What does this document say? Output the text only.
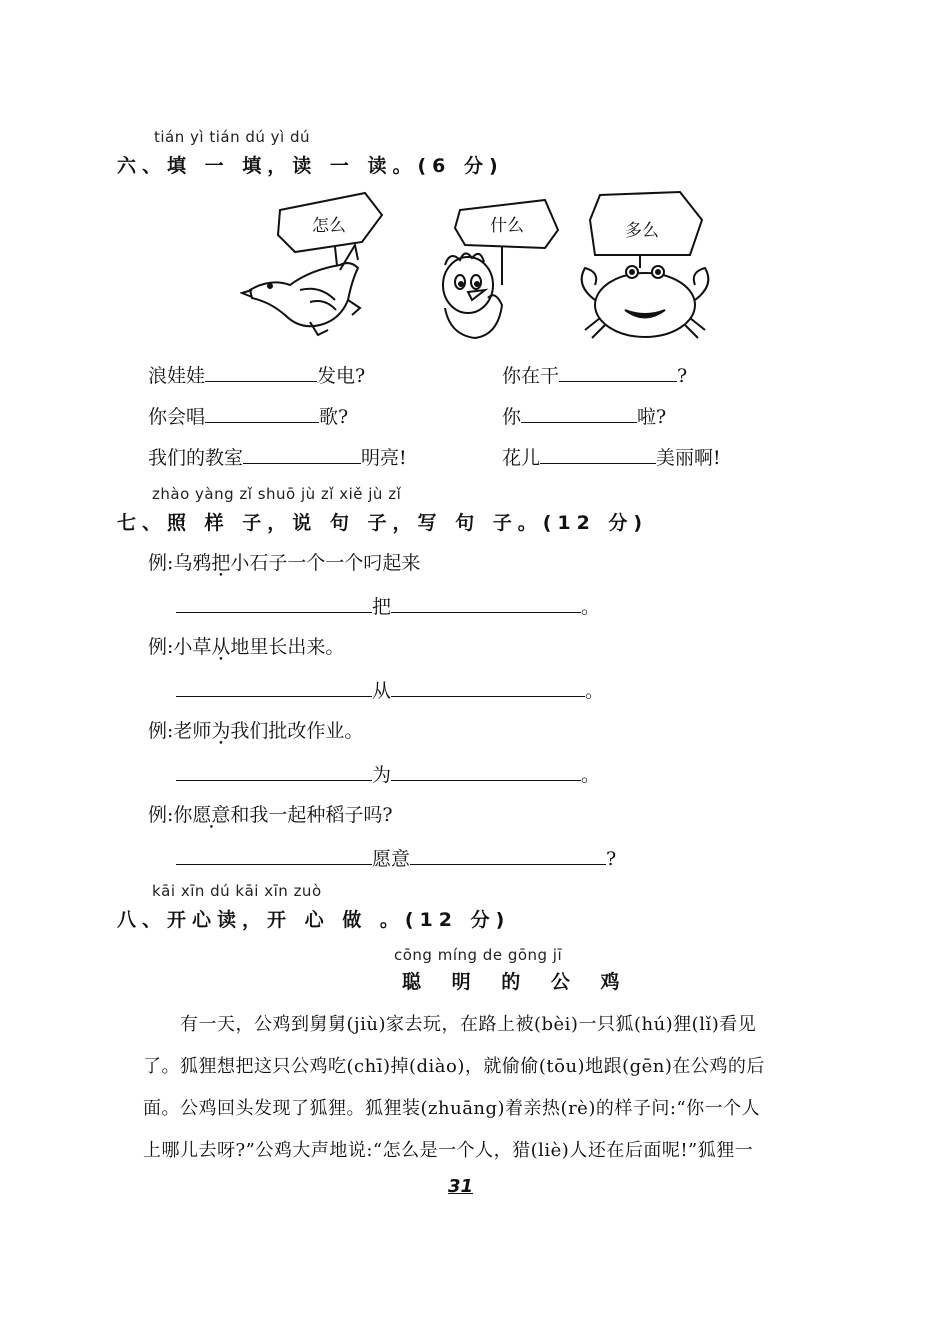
tián yì tián dú yì dú
六、填 一 填，读 一 读。(6 分)
怎么	什么	多么
浪娃娃	发电?	你在干	?
你会唱	歌?	你	啦?
我们的教室	明亮!	花儿	美丽啊!
zhào yàng zǐ shuō jù zǐ xiě jù zǐ
七、照 样 子，说 句 子，写 句 子。(12 分)
例:乌鸦把小石子一个一个叼起来
把	。
例:小草从地里长出来。
从	。
例:老师为我们批改作业。
为	。
例:你愿意和我一起种稻子吗?
愿意	?
kāi xīn dú kāi xīn zuò
八、开心读，开 心 做 。(12 分)
cōng míng de gōng jī
聪 明 的 公 鸡
有一天，公鸡到舅舅(jiù)家去玩，在路上被(bèi)一只狐(hú)狸(lǐ)看见
了。狐狸想把这只公鸡吃(chī)掉(diào)，就偷偷(tōu)地跟(gēn)在公鸡的后
面。公鸡回头发现了狐狸。狐狸装(zhuāng)着亲热(rè)的样子问:“你一个人
上哪儿去呀?”公鸡大声地说:“怎么是一个人，猎(liè)人还在后面呢!”狐狸一
31
